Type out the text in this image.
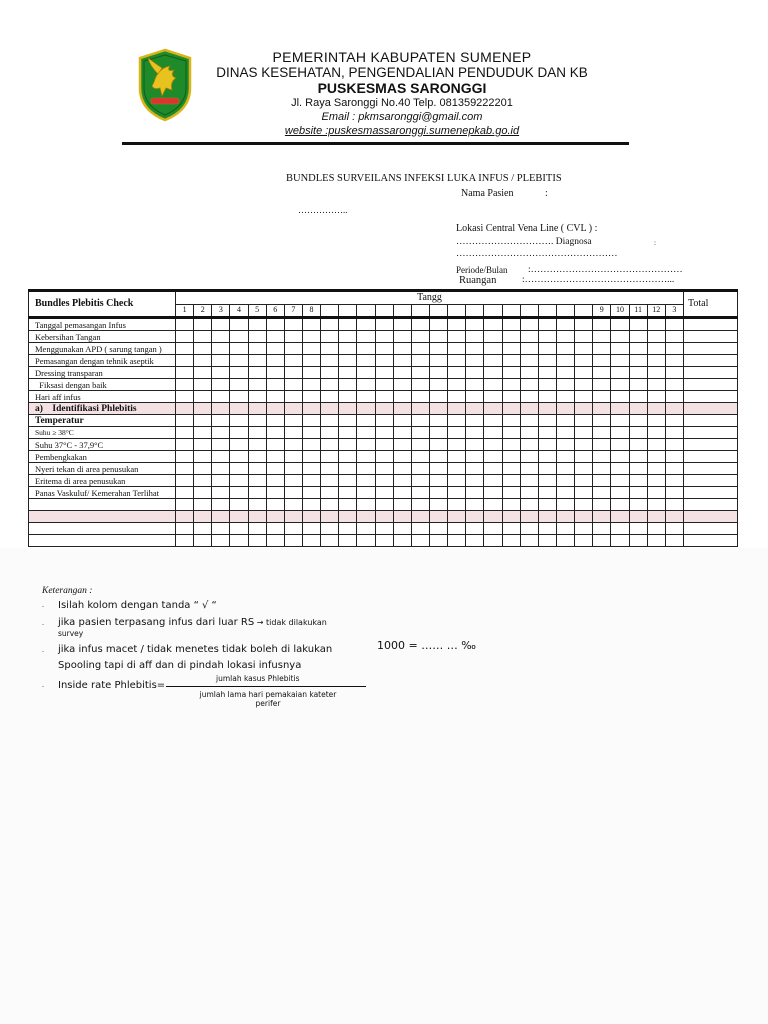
PEMERINTAH KABUPATEN SUMENEP
DINAS KESEHATAN, PENGENDALIAN PENDUDUK DAN KB
PUSKESMAS SARONGGI
Jl. Raya Saronggi No.40 Telp. 081359222201
Email : pkmsaronggi@gmail.com
website :puskesmassaronggi.sumenepkab.go.id
BUNDLES SURVEILANS INFEKSI LUKA INFUS / PLEBITIS
Nama Pasien	:
……………..
Lokasi Central Vena Line ( CVL ) :
…………………………. Diagnosa	:
……………………………………………
Periode/Bulan :…………………………………………
Ruangan	:………………………………………...
Bundles Plebitis Check	Tangg																												Total
	1	2	3	4	5	6	7	8																9	10	11	12	3	
Tanggal pemasangan Infus																													
Kebersihan Tangan																													
Menggunakan APD ( sarung tangan )																													
Pemasangan dengan tehnik aseptik																													
Dressing transparan																													
Fiksasi dengan baik																													
Hari aff infus																													
a)    Identifikasi Phlebitis																													
Temperatur																													
Suhu ≥ 38°C																													
Suhu 37°C - 37,9°C																													
Pembengkakan																													
Nyeri tekan di area penusukan																													
Eritema di area penusukan																													
Panas Vaskuluf/ Kemerahan Terlihat																													

Keterangan :
- Isilah kolom dengan tanda “ √ “
- jika pasien terpasang infus dari luar RS → tidak dilakukan
survey
- jika infus macet / tidak menetes tidak boleh di lakukan
Spooling tapi di aff dan di pindah lokasi infusnya
- Inside rate Phlebitis=
jumlah kasus Phlebitis
jumlah lama hari pemakaian kateter
perifer
1000 = …… … ‰
